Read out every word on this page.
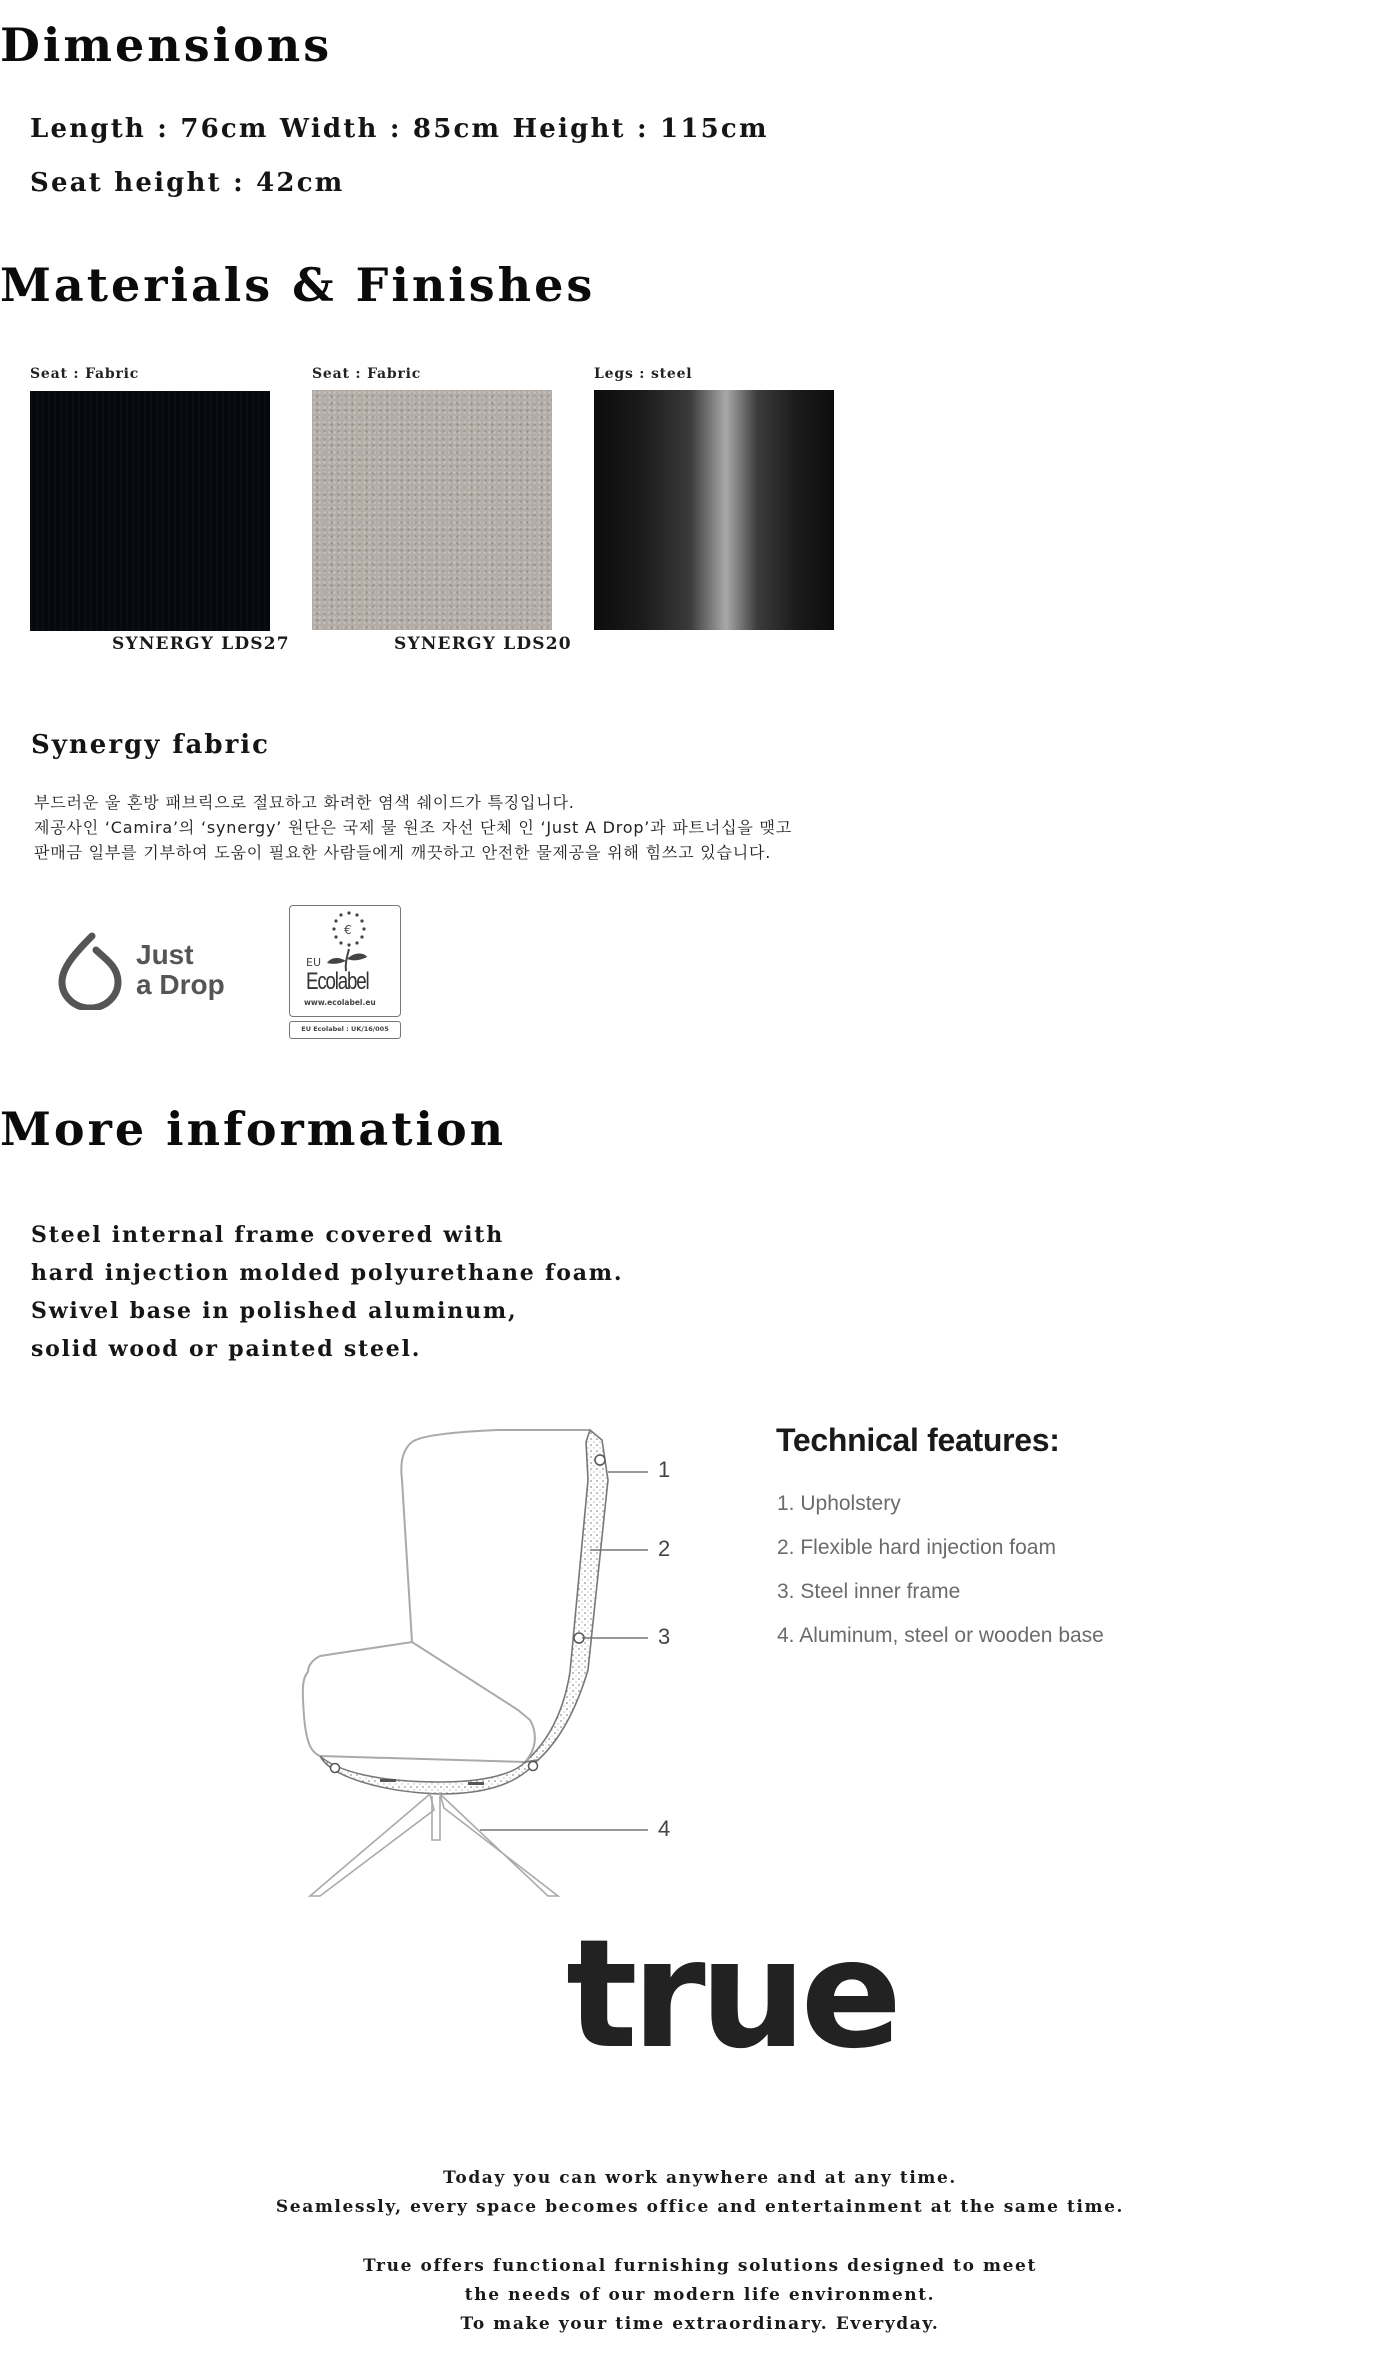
Dimensions
Length : 76cm Width : 85cm Height : 115cm
Seat height : 42cm
Materials & Finishes
Seat : Fabric
SYNERGY LDS27
Seat : Fabric
SYNERGY LDS20
Legs : steel
Synergy fabric
부드러운 울 혼방 패브릭으로 절묘하고 화려한 염색 쉐이드가 특징입니다.
제공사인 ‘Camira’의 ‘synergy’ 원단은 국제 물 원조 자선 단체 인 ‘Just A Drop’과 파트너십을 맺고
판매금 일부를 기부하여 도움이 필요한 사람들에게 깨끗하고 안전한 물제공을 위해 힘쓰고 있습니다.
Just
a Drop
€
EU
Ecolabel
www.ecolabel.eu
EU Ecolabel : UK/16/005
More information
Steel internal frame covered with
hard injection molded polyurethane foam.
Swivel base in polished aluminum,
solid wood or painted steel.
1
2
3
4
Technical features:
1. Upholstery
2. Flexible hard injection foam
3. Steel inner frame
4. Aluminum, steel or wooden base
true
Today you can work anywhere and at any time.
Seamlessly, every space becomes office and entertainment at the same time.
True offers functional furnishing solutions designed to meet
the needs of our modern life environment.
To make your time extraordinary. Everyday.
